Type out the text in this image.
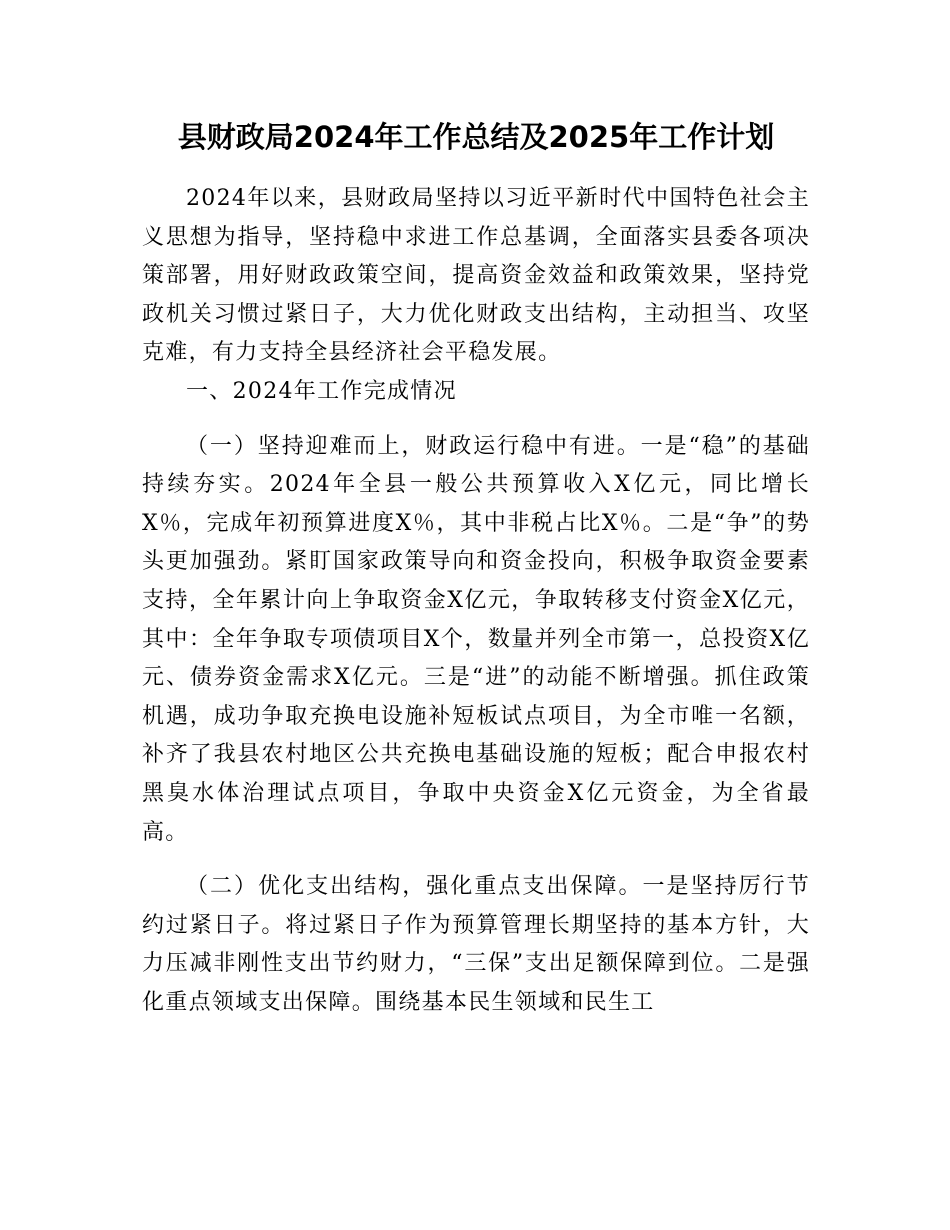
县财政局2024年工作总结及2025年工作计划

2024年以来，县财政局坚持以习近平新时代中国特色社会主义思想为指导，坚持稳中求进工作总基调，全面落实县委各项决策部署，用好财政政策空间，提高资金效益和政策效果，坚持党政机关习惯过紧日子，大力优化财政支出结构，主动担当、攻坚克难，有力支持全县经济社会平稳发展。

一、2024年工作完成情况

（一）坚持迎难而上，财政运行稳中有进。一是“稳”的基础持续夯实。2024年全县一般公共预算收入X亿元，同比增长X％，完成年初预算进度X％，其中非税占比X％。二是“争”的势头更加强劲。紧盯国家政策导向和资金投向，积极争取资金要素支持，全年累计向上争取资金X亿元，争取转移支付资金X亿元，其中：全年争取专项债项目X个，数量并列全市第一，总投资X亿元、债券资金需求X亿元。三是“进”的动能不断增强。抓住政策机遇，成功争取充换电设施补短板试点项目，为全市唯一名额，补齐了我县农村地区公共充换电基础设施的短板；配合申报农村黑臭水体治理试点项目，争取中央资金X亿元资金，为全省最高。

（二）优化支出结构，强化重点支出保障。一是坚持厉行节约过紧日子。将过紧日子作为预算管理长期坚持的基本方针，大力压减非刚性支出节约财力，“三保”支出足额保障到位。二是强化重点领域支出保障。围绕基本民生领域和民生工
